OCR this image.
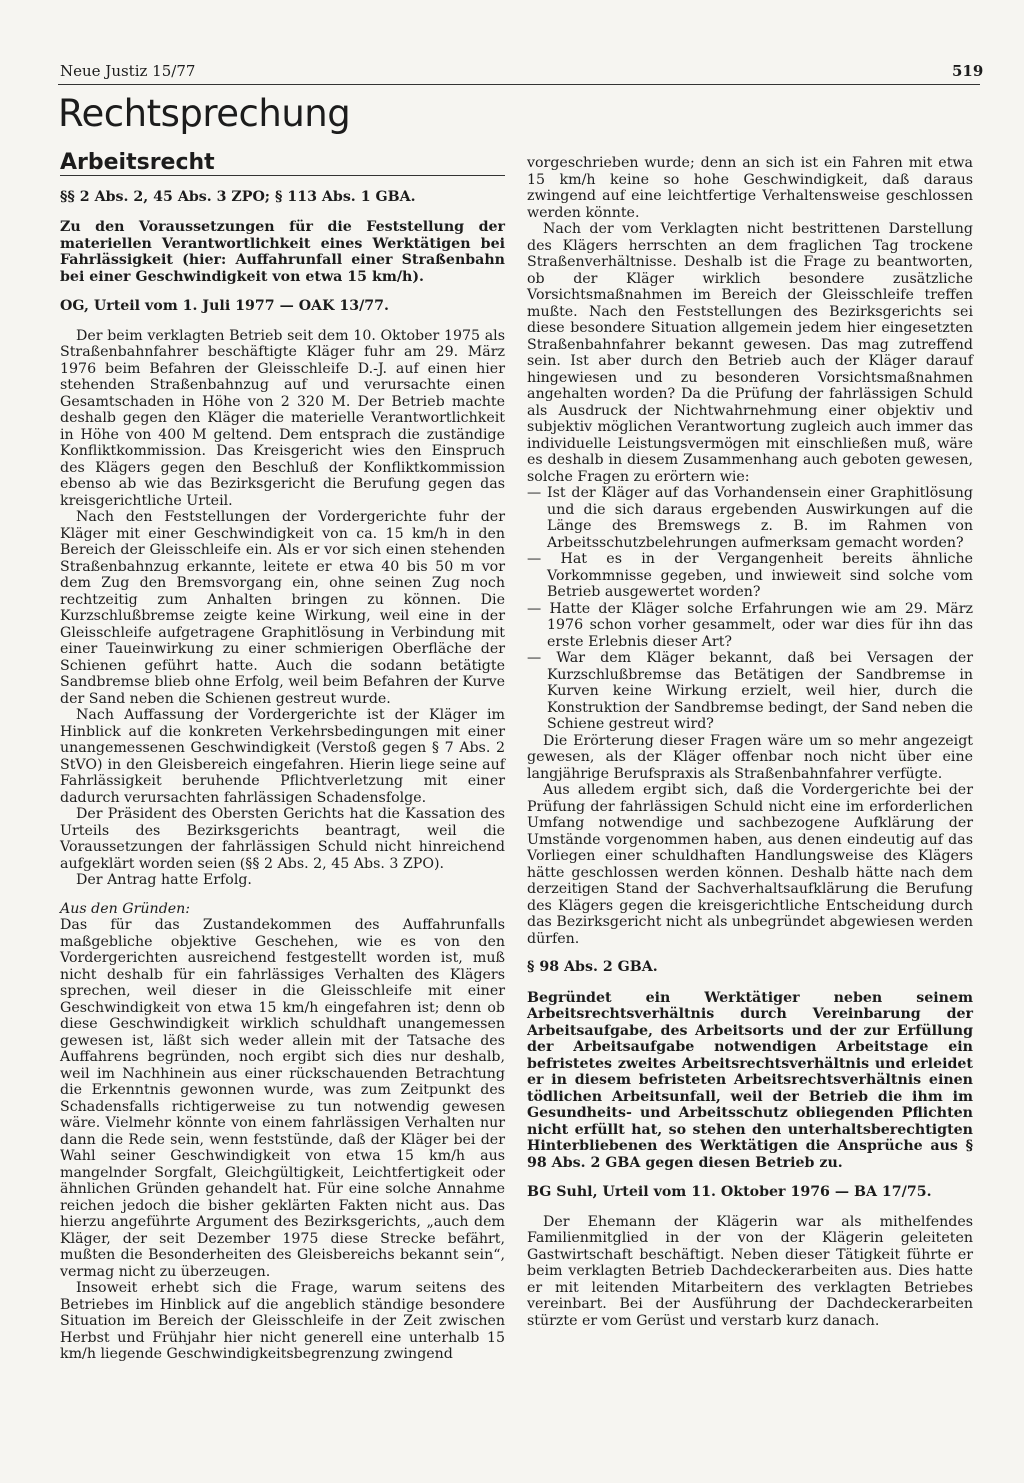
Neue Justiz 15/77	519
Rechtsprechung
Arbeitsrecht

§§ 2 Abs. 2, 45 Abs. 3 ZPO; § 113 Abs. 1 GBA.

Zu den Voraussetzungen für die Feststellung der materiellen Verantwortlichkeit eines Werktätigen bei Fahrlässigkeit (hier: Auffahrunfall einer Straßenbahn bei einer Geschwindigkeit von etwa 15 km/h).

OG, Urteil vom 1. Juli 1977 — OAK 13/77.

Der beim verklagten Betrieb seit dem 10. Oktober 1975 als Straßenbahnfahrer beschäftigte Kläger fuhr am 29. März 1976 beim Befahren der Gleisschleife D.-J. auf einen hier stehenden Straßenbahnzug auf und verursachte einen Gesamtschaden in Höhe von 2 320 M. Der Betrieb machte deshalb gegen den Kläger die materielle Verantwortlichkeit in Höhe von 400 M geltend. Dem entsprach die zuständige Konfliktkommission. Das Kreisgericht wies den Einspruch des Klägers gegen den Beschluß der Konfliktkommission ebenso ab wie das Bezirksgericht die Berufung gegen das kreisgerichtliche Urteil.

Nach den Feststellungen der Vordergerichte fuhr der Kläger mit einer Geschwindigkeit von ca. 15 km/h in den Bereich der Gleisschleife ein. Als er vor sich einen stehenden Straßenbahnzug erkannte, leitete er etwa 40 bis 50 m vor dem Zug den Bremsvorgang ein, ohne seinen Zug noch rechtzeitig zum Anhalten bringen zu können. Die Kurzschlußbremse zeigte keine Wirkung, weil eine in der Gleisschleife aufgetragene Graphitlösung in Verbindung mit einer Taueinwirkung zu einer schmierigen Oberfläche der Schienen geführt hatte. Auch die sodann betätigte Sandbremse blieb ohne Erfolg, weil beim Befahren der Kurve der Sand neben die Schienen gestreut wurde.

Nach Auffassung der Vordergerichte ist der Kläger im Hinblick auf die konkreten Verkehrsbedingungen mit einer unangemessenen Geschwindigkeit (Verstoß gegen § 7 Abs. 2 StVO) in den Gleisbereich eingefahren. Hierin liege seine auf Fahrlässigkeit beruhende Pflichtverletzung mit einer dadurch verursachten fahrlässigen Schadensfolge.

Der Präsident des Obersten Gerichts hat die Kassation des Urteils des Bezirksgerichts beantragt, weil die Voraussetzungen der fahrlässigen Schuld nicht hinreichend aufgeklärt worden seien (§§ 2 Abs. 2, 45 Abs. 3 ZPO).

Der Antrag hatte Erfolg.

Aus den Gründen:

Das für das Zustandekommen des Auffahrunfalls maßgebliche objektive Geschehen, wie es von den Vordergerichten ausreichend festgestellt worden ist, muß nicht deshalb für ein fahrlässiges Verhalten des Klägers sprechen, weil dieser in die Gleisschleife mit einer Geschwindigkeit von etwa 15 km/h eingefahren ist; denn ob diese Geschwindigkeit wirklich schuldhaft unangemessen gewesen ist, läßt sich weder allein mit der Tatsache des Auffahrens begründen, noch ergibt sich dies nur deshalb, weil im Nachhinein aus einer rückschauenden Betrachtung die Erkenntnis gewonnen wurde, was zum Zeitpunkt des Schadensfalls richtigerweise zu tun notwendig gewesen wäre. Vielmehr könnte von einem fahrlässigen Verhalten nur dann die Rede sein, wenn feststünde, daß der Kläger bei der Wahl seiner Geschwindigkeit von etwa 15 km/h aus mangelnder Sorgfalt, Gleichgültigkeit, Leichtfertigkeit oder ähnlichen Gründen gehandelt hat. Für eine solche Annahme reichen jedoch die bisher geklärten Fakten nicht aus. Das hierzu angeführte Argument des Bezirksgerichts, „auch dem Kläger, der seit Dezember 1975 diese Strecke befährt, mußten die Besonderheiten des Gleisbereichs bekannt sein“, vermag nicht zu überzeugen.

Insoweit erhebt sich die Frage, warum seitens des Betriebes im Hinblick auf die angeblich ständige besondere Situation im Bereich der Gleisschleife in der Zeit zwischen Herbst und Frühjahr hier nicht generell eine unterhalb 15 km/h liegende Geschwindigkeitsbegrenzung zwingend

vorgeschrieben wurde; denn an sich ist ein Fahren mit etwa 15 km/h keine so hohe Geschwindigkeit, daß daraus zwingend auf eine leichtfertige Verhaltensweise geschlossen werden könnte.

Nach der vom Verklagten nicht bestrittenen Darstellung des Klägers herrschten an dem fraglichen Tag trockene Straßenverhältnisse. Deshalb ist die Frage zu beantworten, ob der Kläger wirklich besondere zusätzliche Vorsichtsmaßnahmen im Bereich der Gleisschleife treffen mußte. Nach den Feststellungen des Bezirksgerichts sei diese besondere Situation allgemein jedem hier eingesetzten Straßenbahnfahrer bekannt gewesen. Das mag zutreffend sein. Ist aber durch den Betrieb auch der Kläger darauf hingewiesen und zu besonderen Vorsichtsmaßnahmen angehalten worden? Da die Prüfung der fahrlässigen Schuld als Ausdruck der Nichtwahrnehmung einer objektiv und subjektiv möglichen Verantwortung zugleich auch immer das individuelle Leistungsvermögen mit einschließen muß, wäre es deshalb in diesem Zusammenhang auch geboten gewesen, solche Fragen zu erörtern wie:

— Ist der Kläger auf das Vorhandensein einer Graphitlösung und die sich daraus ergebenden Auswirkungen auf die Länge des Bremswegs z. B. im Rahmen von Arbeitsschutzbelehrungen aufmerksam gemacht worden?

— Hat es in der Vergangenheit bereits ähnliche Vorkommnisse gegeben, und inwieweit sind solche vom Betrieb ausgewertet worden?

— Hatte der Kläger solche Erfahrungen wie am 29. März 1976 schon vorher gesammelt, oder war dies für ihn das erste Erlebnis dieser Art?

— War dem Kläger bekannt, daß bei Versagen der Kurzschlußbremse das Betätigen der Sandbremse in Kurven keine Wirkung erzielt, weil hier, durch die Konstruktion der Sandbremse bedingt, der Sand neben die Schiene gestreut wird?

Die Erörterung dieser Fragen wäre um so mehr angezeigt gewesen, als der Kläger offenbar noch nicht über eine langjährige Berufspraxis als Straßenbahnfahrer verfügte.

Aus alledem ergibt sich, daß die Vordergerichte bei der Prüfung der fahrlässigen Schuld nicht eine im erforderlichen Umfang notwendige und sachbezogene Aufklärung der Umstände vorgenommen haben, aus denen eindeutig auf das Vorliegen einer schuldhaften Handlungsweise des Klägers hätte geschlossen werden können. Deshalb hätte nach dem derzeitigen Stand der Sachverhaltsaufklärung die Berufung des Klägers gegen die kreisgerichtliche Entscheidung durch das Bezirksgericht nicht als unbegründet abgewiesen werden dürfen.

§ 98 Abs. 2 GBA.

Begründet ein Werktätiger neben seinem Arbeitsrechtsverhältnis durch Vereinbarung der Arbeitsaufgabe, des Arbeitsorts und der zur Erfüllung der Arbeitsaufgabe notwendigen Arbeitstage ein befristetes zweites Arbeitsrechtsverhältnis und erleidet er in diesem befristeten Arbeitsrechtsverhältnis einen tödlichen Arbeitsunfall, weil der Betrieb die ihm im Gesundheits- und Arbeitsschutz obliegenden Pflichten nicht erfüllt hat, so stehen den unterhaltsberechtigten Hinterbliebenen des Werktätigen die Ansprüche aus § 98 Abs. 2 GBA gegen diesen Betrieb zu.

BG Suhl, Urteil vom 11. Oktober 1976 — BA 17/75.

Der Ehemann der Klägerin war als mithelfendes Familienmitglied in der von der Klägerin geleiteten Gastwirtschaft beschäftigt. Neben dieser Tätigkeit führte er beim verklagten Betrieb Dachdeckerarbeiten aus. Dies hatte er mit leitenden Mitarbeitern des verklagten Betriebes vereinbart. Bei der Ausführung der Dachdeckerarbeiten stürzte er vom Gerüst und verstarb kurz danach.
